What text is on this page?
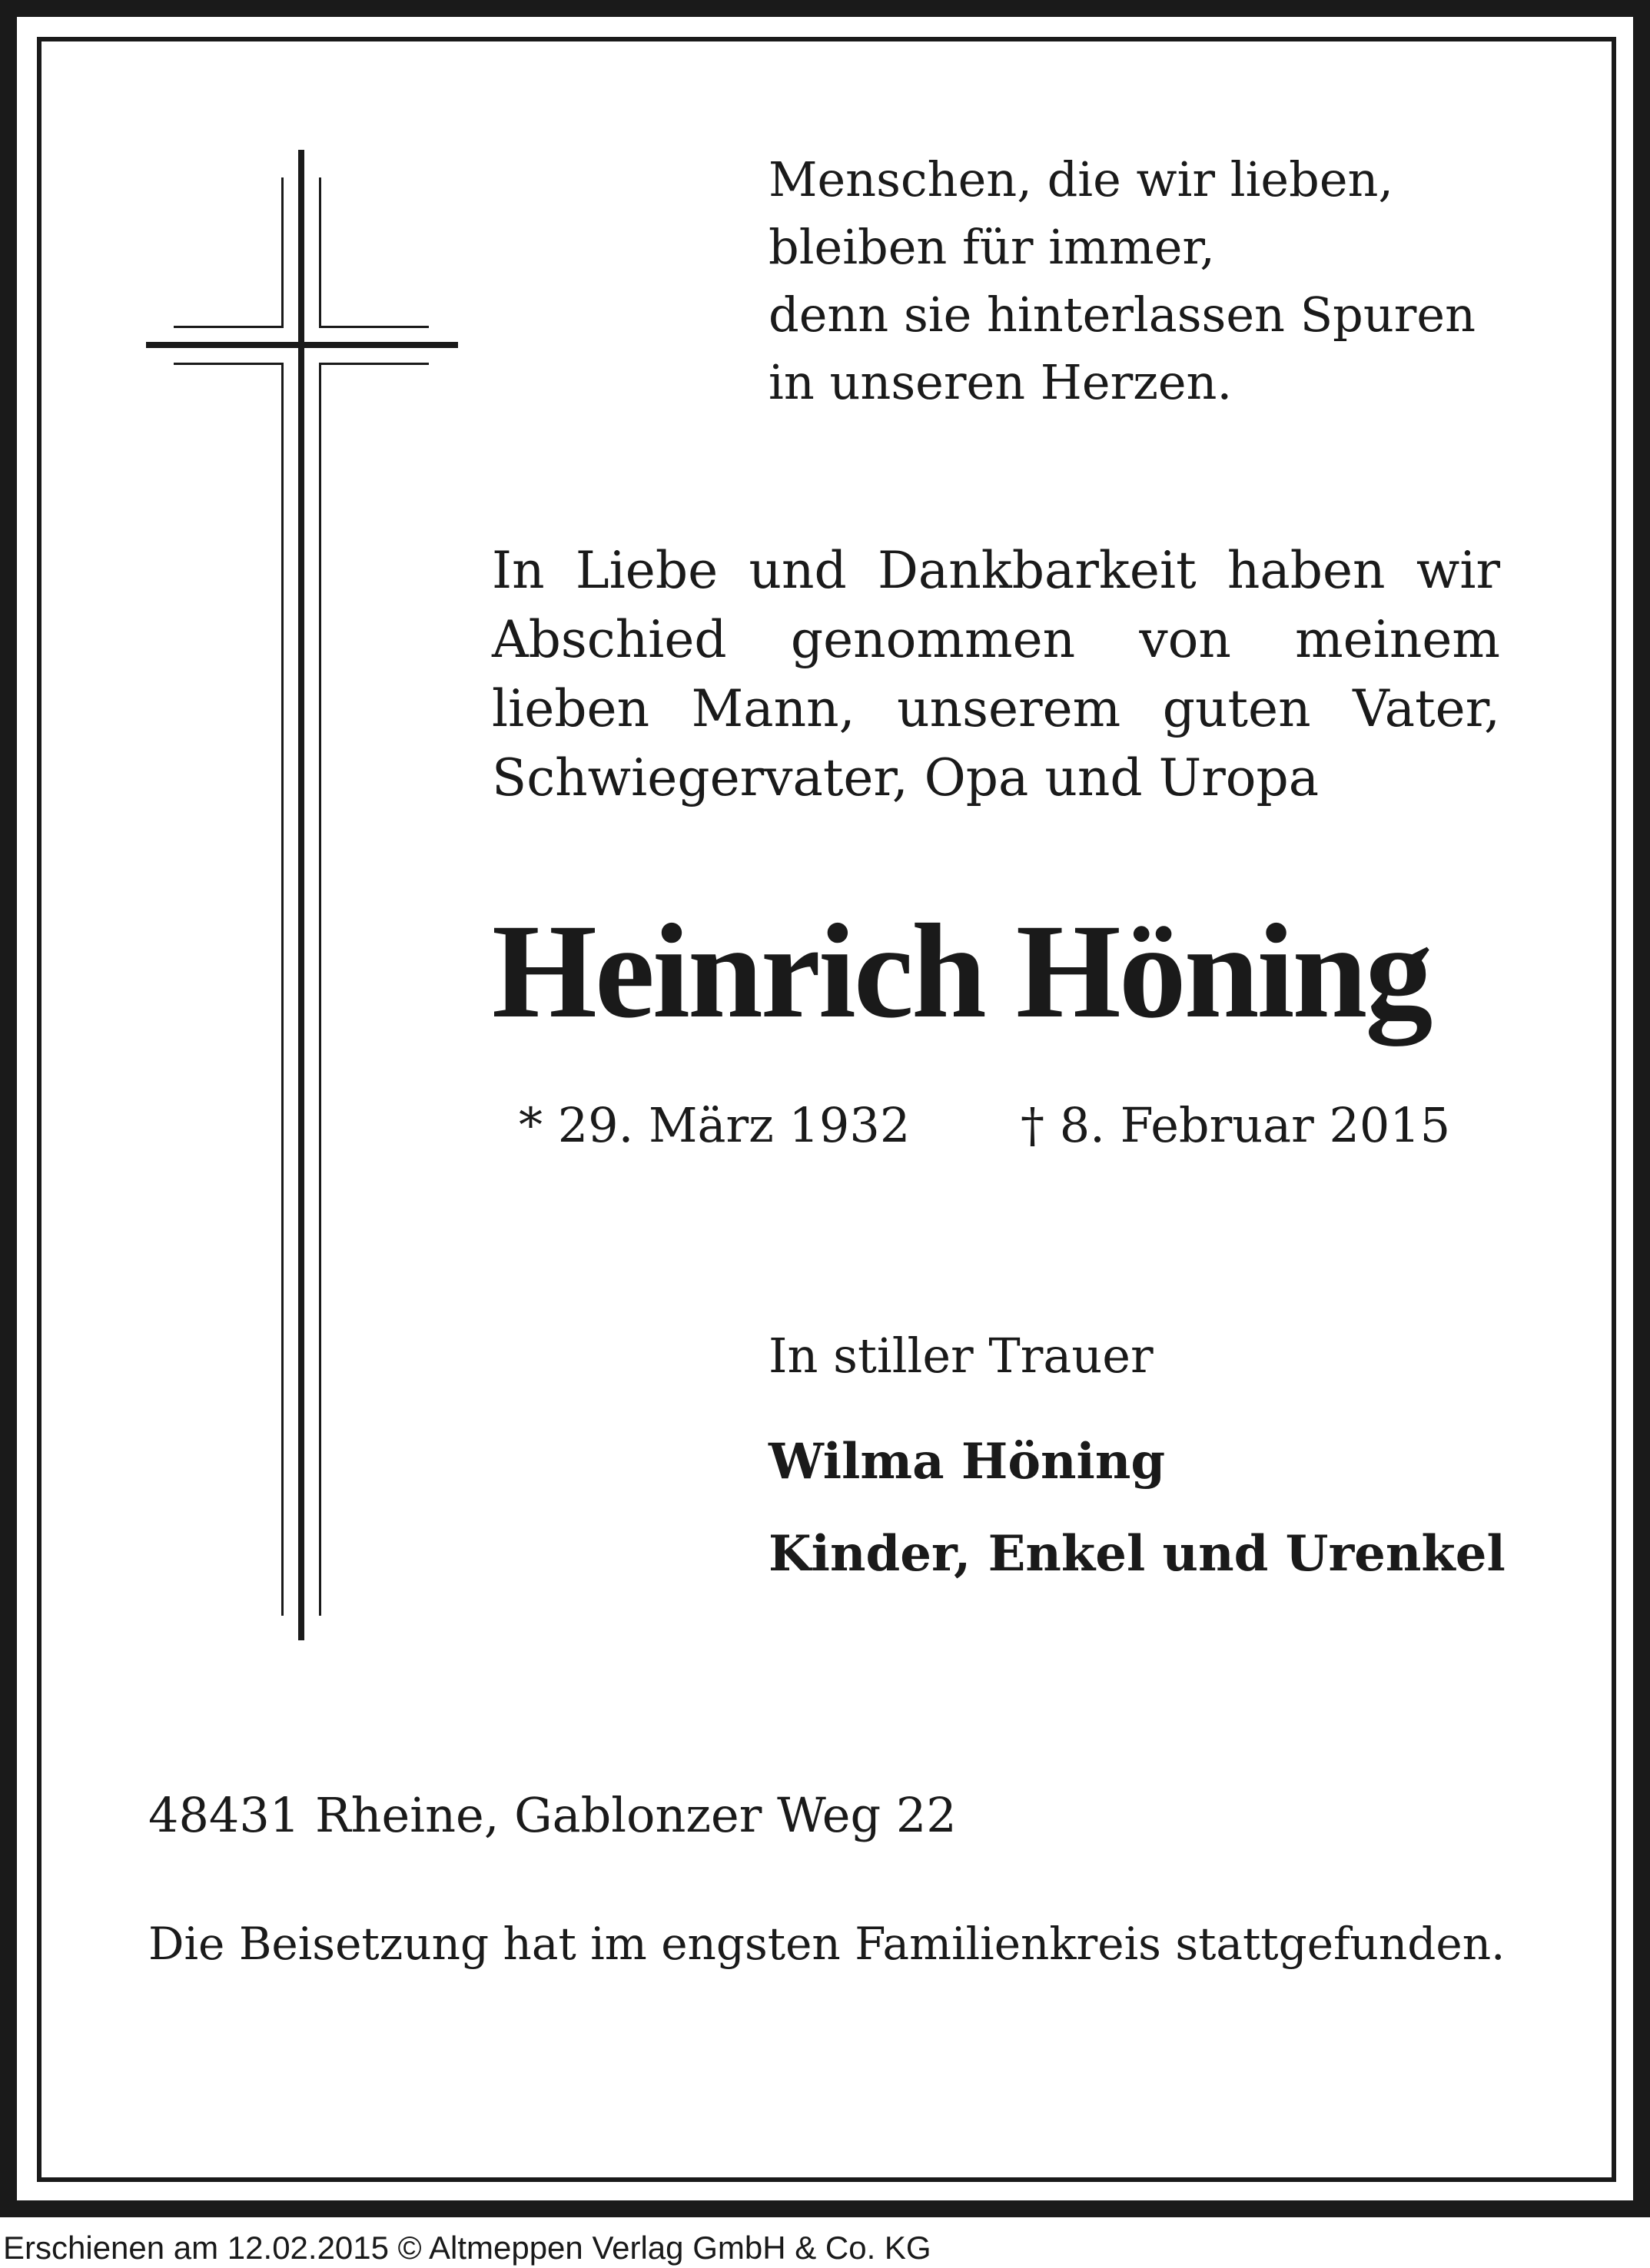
Menschen, die wir lieben,
bleiben für immer,
denn sie hinterlassen Spuren
in unseren Herzen.
In Liebe und Dankbarkeit haben wir
Abschied genommen von meinem
lieben Mann, unserem guten Vater,
Schwiegervater, Opa und Uropa
Heinrich Höning
* 29. März 1932 † 8. Februar 2015
In stiller Trauer
Wilma Höning
Kinder, Enkel und Urenkel
48431 Rheine, Gablonzer Weg 22
Die Beisetzung hat im engsten Familienkreis stattgefunden.
Erschienen am 12.02.2015 © Altmeppen Verlag GmbH & Co. KG
